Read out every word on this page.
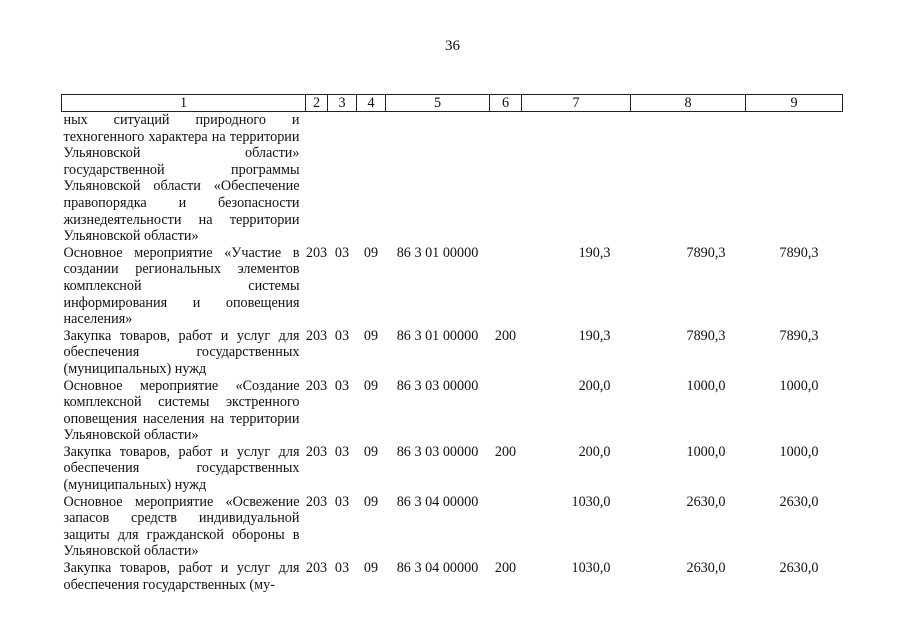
36
1	2	3	4	5	6	7	8	9
ных ситуаций природного и техногенного характера на территории Ульяновской области» государственной программы Ульяновской области «Обеспечение правопорядка и безопасности жизнедеятельности на территории Ульяновской области»								
Основное мероприятие «Участие в создании региональных элементов комплексной системы информирования и оповещения населения»	203	03	09	86 3 01 00000		190,3	7890,3	7890,3
Закупка товаров, работ и услуг для обеспечения государственных (муниципальных) нужд	203	03	09	86 3 01 00000	200	190,3	7890,3	7890,3
Основное мероприятие «Создание комплексной системы экстренного оповещения населения на территории Ульяновской области»	203	03	09	86 3 03 00000		200,0	1000,0	1000,0
Закупка товаров, работ и услуг для обеспечения государственных (муниципальных) нужд	203	03	09	86 3 03 00000	200	200,0	1000,0	1000,0
Основное мероприятие «Освежение запасов средств индивидуальной защиты для гражданской обороны в Ульяновской области»	203	03	09	86 3 04 00000		1030,0	2630,0	2630,0
Закупка товаров, работ и услуг для обеспечения государственных (му-	203	03	09	86 3 04 00000	200	1030,0	2630,0	2630,0
